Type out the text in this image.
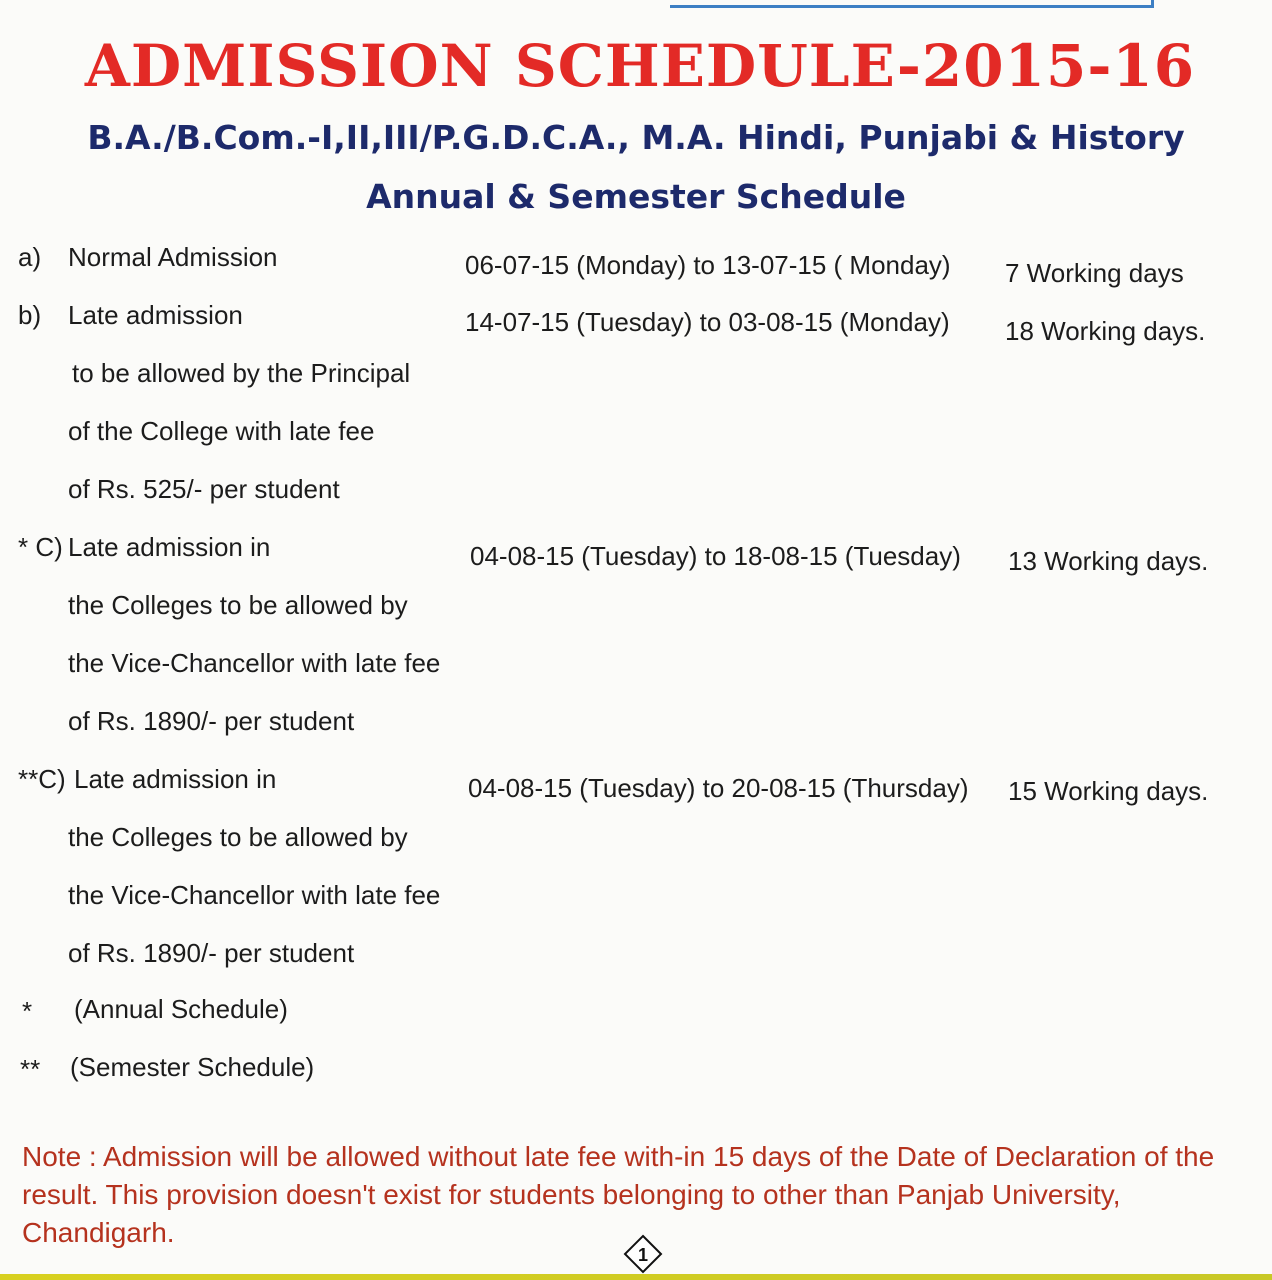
ADMISSION SCHEDULE-2015-16
B.A./B.Com.-I,II,III/P.G.D.C.A., M.A. Hindi, Punjabi & History
Annual & Semester Schedule
a) Normal Admission	06-07-15 (Monday) to 13-07-15 ( Monday) 7 Working days
b) Late admission
to be allowed by the Principal
of the College with late fee
of Rs. 525/- per student
14-07-15 (Tuesday) to 03-08-15 (Monday) 18 Working days.
* C) Late admission in
the Colleges to be allowed by
the Vice-Chancellor with late fee
of Rs. 1890/- per student
04-08-15 (Tuesday) to 18-08-15 (Tuesday) 13 Working days.
**C) Late admission in
the Colleges to be allowed by
the Vice-Chancellor with late fee
of Rs. 1890/- per student
04-08-15 (Tuesday) to 20-08-15 (Thursday) 15 Working days.
* (Annual Schedule)
** (Semester Schedule)
Note : Admission will be allowed without late fee with-in 15 days of the Date of Declaration of the result. This provision doesn't exist for students belonging to other than Panjab University, Chandigarh.
1
